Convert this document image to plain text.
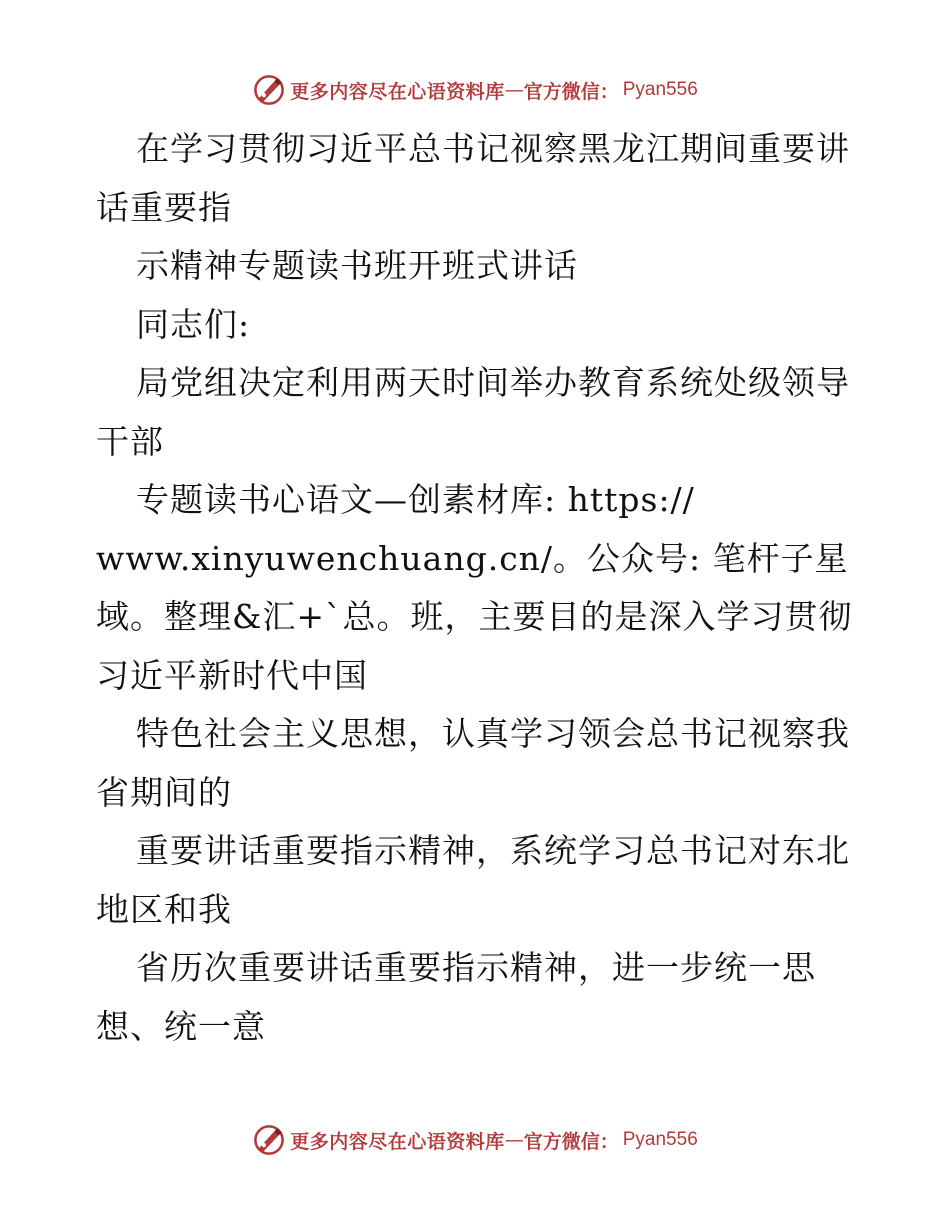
更多内容尽在心语资料库 — 官方微信： Pyan556

在学习贯彻习近平总书记视察黑龙江期间重要讲话重要指

示精神专题读书班开班式讲话

同志们:

局党组决定利用两天时间举办教育系统处级领导干部

专题读书心语文—创素材库: https://
www.xinyuwenchuang.cn/。公众号: 笔杆子星域。整理&汇+`总。班，主要目的是深入学习贯彻习近平新时代中国

特色社会主义思想，认真学习领会总书记视察我省期间的

重要讲话重要指示精神，系统学习总书记对东北地区和我

省历次重要讲话重要指示精神，进一步统一思想、统一意

更多内容尽在心语资料库 — 官方微信： Pyan556
